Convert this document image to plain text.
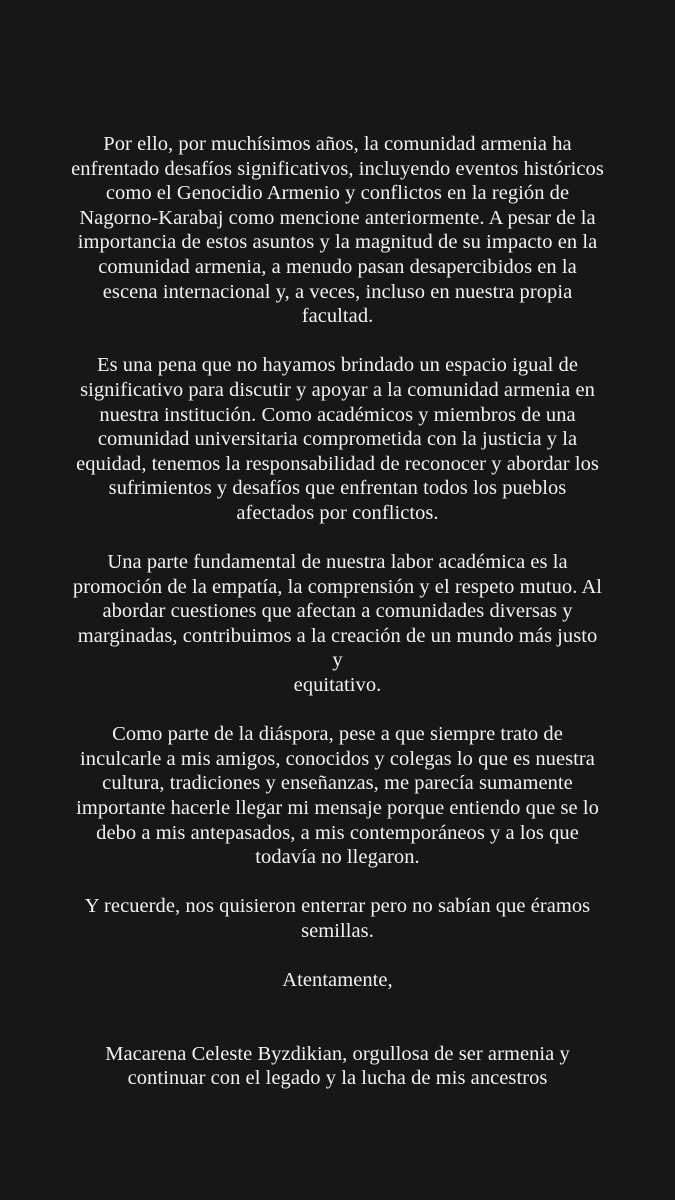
Por ello, por muchísimos años, la comunidad armenia ha
enfrentado desafíos significativos, incluyendo eventos históricos
como el Genocidio Armenio y conflictos en la región de
Nagorno-Karabaj como mencione anteriormente. A pesar de la
importancia de estos asuntos y la magnitud de su impacto en la
comunidad armenia, a menudo pasan desapercibidos en la
escena internacional y, a veces, incluso en nuestra propia
facultad.
Es una pena que no hayamos brindado un espacio igual de
significativo para discutir y apoyar a la comunidad armenia en
nuestra institución. Como académicos y miembros de una
comunidad universitaria comprometida con la justicia y la
equidad, tenemos la responsabilidad de reconocer y abordar los
sufrimientos y desafíos que enfrentan todos los pueblos
afectados por conflictos.
Una parte fundamental de nuestra labor académica es la
promoción de la empatía, la comprensión y el respeto mutuo. Al
abordar cuestiones que afectan a comunidades diversas y
marginadas, contribuimos a la creación de un mundo más justo y
equitativo.
Como parte de la diáspora, pese a que siempre trato de
inculcarle a mis amigos, conocidos y colegas lo que es nuestra
cultura, tradiciones y enseñanzas, me parecía sumamente
importante hacerle llegar mi mensaje porque entiendo que se lo
debo a mis antepasados, a mis contemporáneos y a los que
todavía no llegaron.
Y recuerde, nos quisieron enterrar pero no sabían que éramos
semillas.
Atentamente,
Macarena Celeste Byzdikian, orgullosa de ser armenia y
continuar con el legado y la lucha de mis ancestros
